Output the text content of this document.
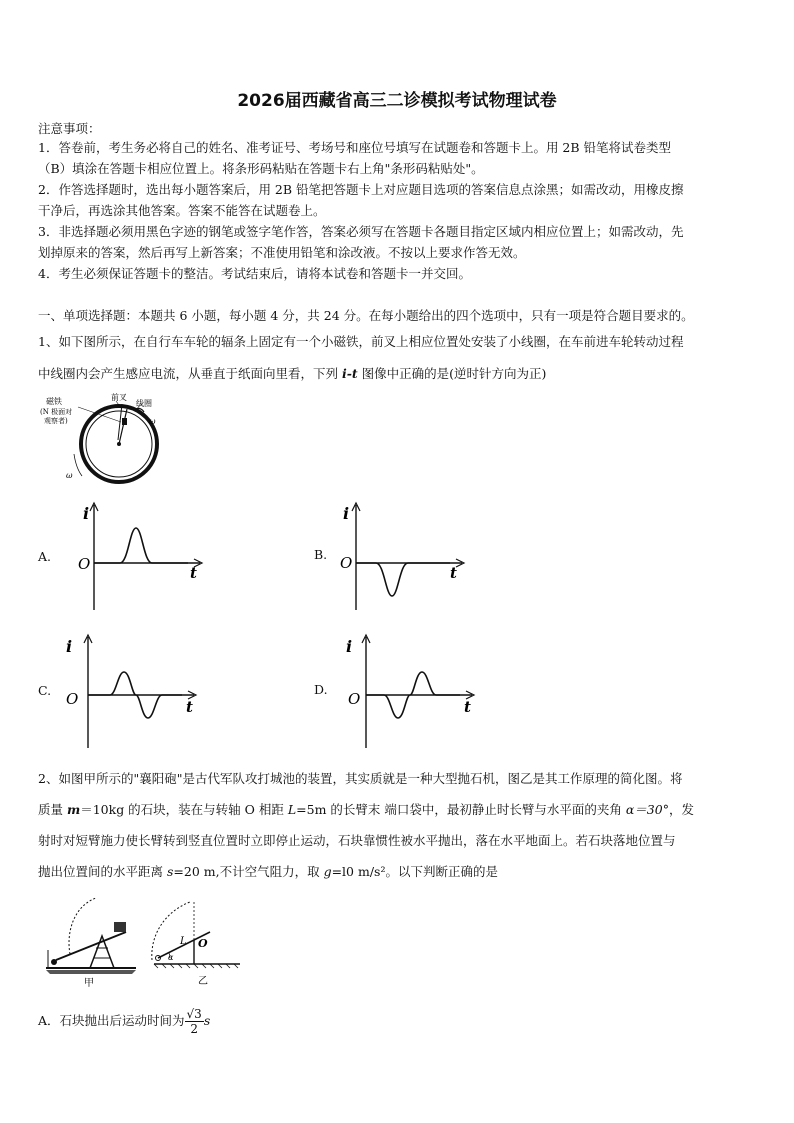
2026届西藏省高三二诊模拟考试物理试卷
注意事项：
1．答卷前，考生务必将自己的姓名、准考证号、考场号和座位号填写在试题卷和答题卡上。用 2B 铅笔将试卷类型
（B）填涂在答题卡相应位置上。将条形码粘贴在答题卡右上角"条形码粘贴处"。
2．作答选择题时，选出每小题答案后，用 2B 铅笔把答题卡上对应题目选项的答案信息点涂黑；如需改动，用橡皮擦
干净后，再选涂其他答案。答案不能答在试题卷上。
3．非选择题必须用黑色字迹的钢笔或签字笔作答，答案必须写在答题卡各题目指定区域内相应位置上；如需改动，先
划掉原来的答案，然后再写上新答案；不准使用铅笔和涂改液。不按以上要求作答无效。
4．考生必须保证答题卡的整洁。考试结束后，请将本试卷和答题卡一并交回。
一、单项选择题：本题共 6 小题，每小题 4 分，共 24 分。在每小题给出的四个选项中，只有一项是符合题目要求的。
1、如下图所示，在自行车车轮的辐条上固定有一个小磁铁，前叉上相应位置处安装了小线圈，在车前进车轮转动过程
中线圈内会产生感应电流，从垂直于纸面向里看，下列 i-t 图像中正确的是(逆时针方向为正)
磁铁
(N 极面对
观察者)
前叉
线圈
ω
ω
A.
i
t
O
B.
i
t
O
C.
i
t
O
D.
i
t
O
2、如图甲所示的"襄阳砲"是古代军队攻打城池的装置，其实质就是一种大型抛石机，图乙是其工作原理的简化图。将
质量 m＝10kg 的石块，装在与转轴 O 相距 L=5m 的长臂末 端口袋中，最初静止时长臂与水平面的夹角 α＝30°，发
射时对短臂施力使长臂转到竖直位置时立即停止运动，石块靠惯性被水平抛出，落在水平地面上。若石块落地位置与
抛出位置间的水平距离 s=20 m,不计空气阻力，取 g=l0 m/s²。以下判断正确的是
甲
L O
α
乙
A．石块抛出后运动时间为 $\frac{√3}{2}$ s
